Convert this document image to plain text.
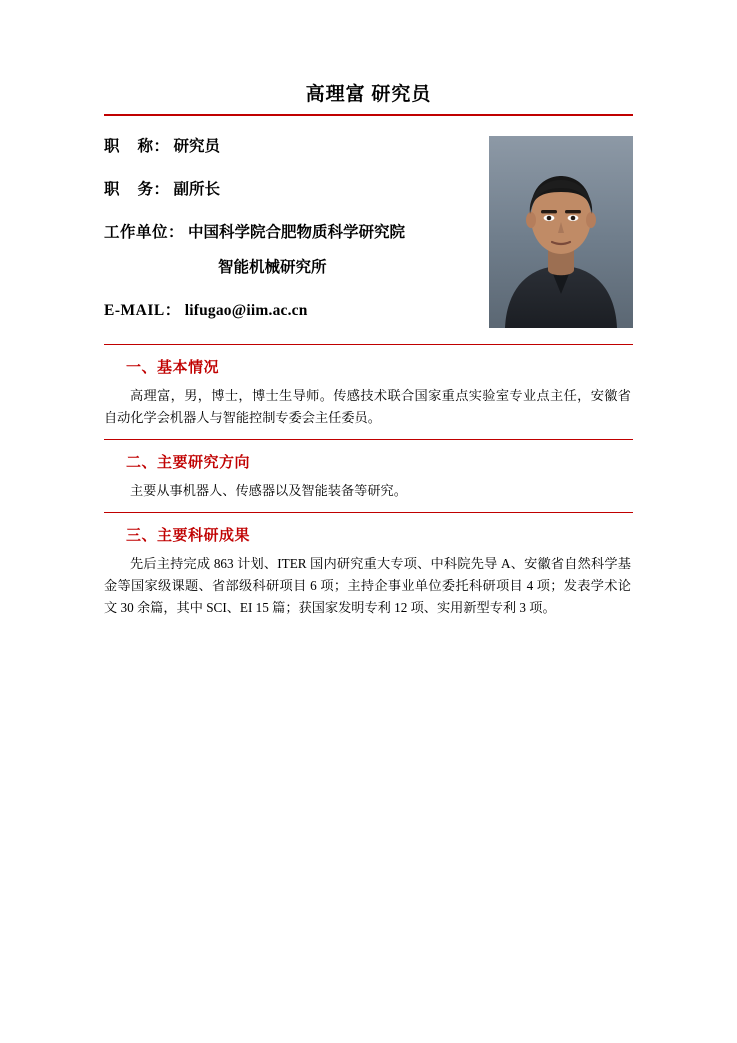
高理富 研究员
职    称： 研究员
职    务： 副所长
工作单位： 中国科学院合肥物质科学研究院
智能机械研究所
E-MAIL： lifugao@iim.ac.cn
一、基本情况
高理富，男，博士，博士生导师。传感技术联合国家重点实验室专业点主任，安徽省自动化学会机器人与智能控制专委会主任委员。
二、主要研究方向
主要从事机器人、传感器以及智能装备等研究。
三、主要科研成果
先后主持完成 863 计划、ITER 国内研究重大专项、中科院先导 A、安徽省自然科学基金等国家级课题、省部级科研项目 6 项；主持企事业单位委托科研项目 4 项；发表学术论文 30 余篇，其中 SCI、EI 15 篇；获国家发明专利 12 项、实用新型专利 3 项。
